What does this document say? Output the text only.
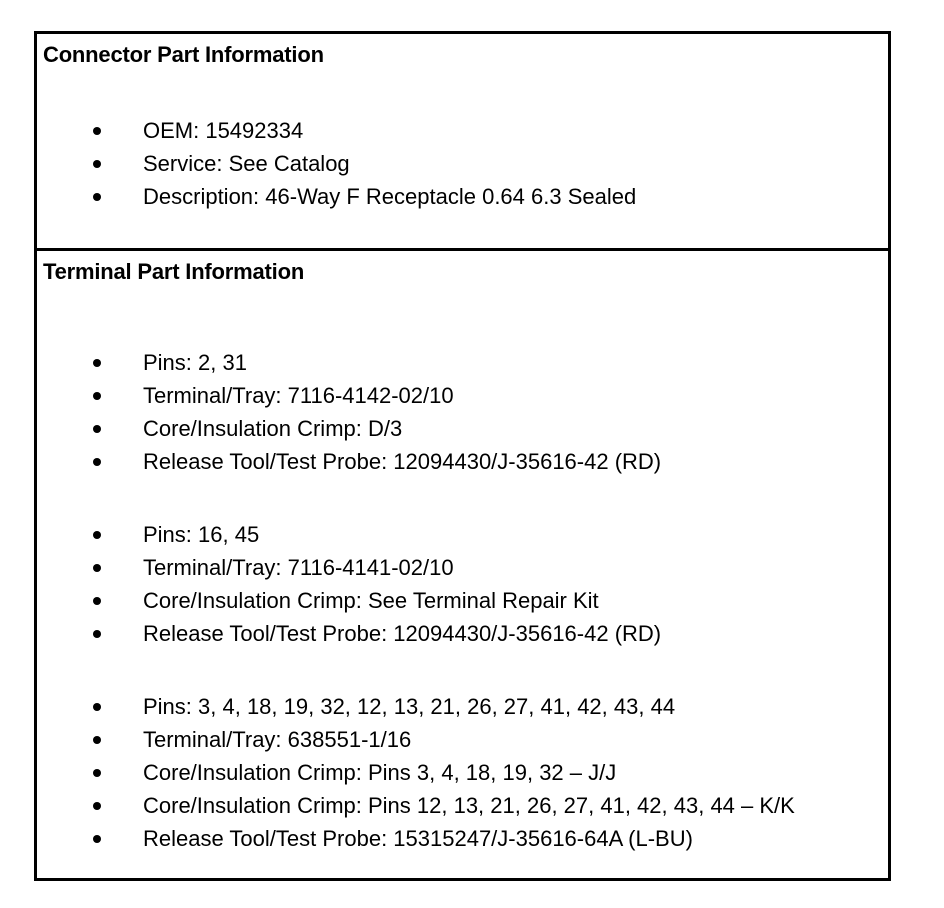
Connector Part Information
OEM: 15492334
Service: See Catalog
Description: 46-Way F Receptacle 0.64 6.3 Sealed
Terminal Part Information
Pins: 2, 31
Terminal/Tray: 7116-4142-02/10
Core/Insulation Crimp: D/3
Release Tool/Test Probe: 12094430/J-35616-42 (RD)
Pins: 16, 45
Terminal/Tray: 7116-4141-02/10
Core/Insulation Crimp: See Terminal Repair Kit
Release Tool/Test Probe: 12094430/J-35616-42 (RD)
Pins: 3, 4, 18, 19, 32, 12, 13, 21, 26, 27, 41, 42, 43, 44
Terminal/Tray: 638551-1/16
Core/Insulation Crimp: Pins 3, 4, 18, 19, 32 – J/J
Core/Insulation Crimp: Pins 12, 13, 21, 26, 27, 41, 42, 43, 44 – K/K
Release Tool/Test Probe: 15315247/J-35616-64A (L-BU)
